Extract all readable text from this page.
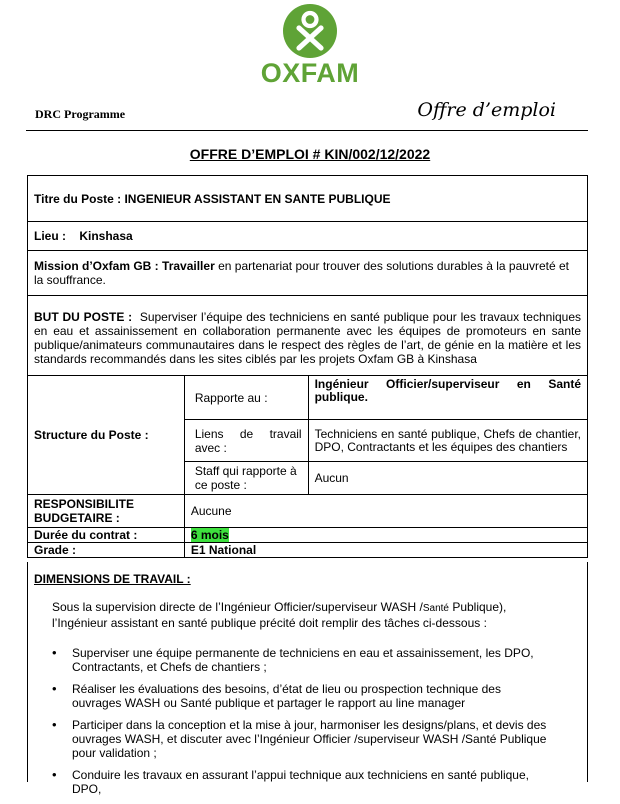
OXFAM
DRC Programme	Offre d’emploi
OFFRE D’EMPLOI # KIN/002/12/2022
Titre du Poste : INGENIEUR ASSISTANT EN SANTE PUBLIQUE		
Lieu : Kinshasa		
Mission d’Oxfam GB : Travailler en partenariat pour trouver des solutions durables à la pauvreté et la souffrance.		
BUT DU POSTE : Superviser l’équipe des techniciens en santé publique pour les travaux techniques en eau et assainissement en collaboration permanente avec les équipes de promoteurs en sante publique/animateurs communautaires dans le respect des règles de l’art, de génie en la matière et les standards recommandés dans les sites ciblés par les projets Oxfam GB à Kinshasa		
Structure du Poste :	Rapporte au :	Ingénieur Officier/superviseur en Santé publique.
	Liens de travail avec :	Techniciens en santé publique, Chefs de chantier, DPO, Contractants et les équipes des chantiers
	Staff qui rapporte à ce poste :	Aucun
RESPONSIBILITE BUDGETAIRE :	Aucune	
Durée du contrat :	6 mois	
Grade :	E1 National	
DIMENSIONS DE TRAVAIL :
Sous la supervision directe de l’Ingénieur Officier/superviseur WASH /Santé Publique), l’Ingénieur assistant en santé publique précité doit remplir des tâches ci-dessous :
• Superviser une équipe permanente de techniciens en eau et assainissement, les DPO, Contractants, et Chefs de chantiers ;
• Réaliser les évaluations des besoins, d’état de lieu ou prospection technique des ouvrages WASH ou Santé publique et partager le rapport au line manager
• Participer dans la conception et la mise à jour, harmoniser les designs/plans, et devis des ouvrages WASH, et discuter avec l’Ingénieur Officier /superviseur WASH /Santé Publique pour validation ;
• Conduire les travaux en assurant l’appui technique aux techniciens en santé publique, DPO,
